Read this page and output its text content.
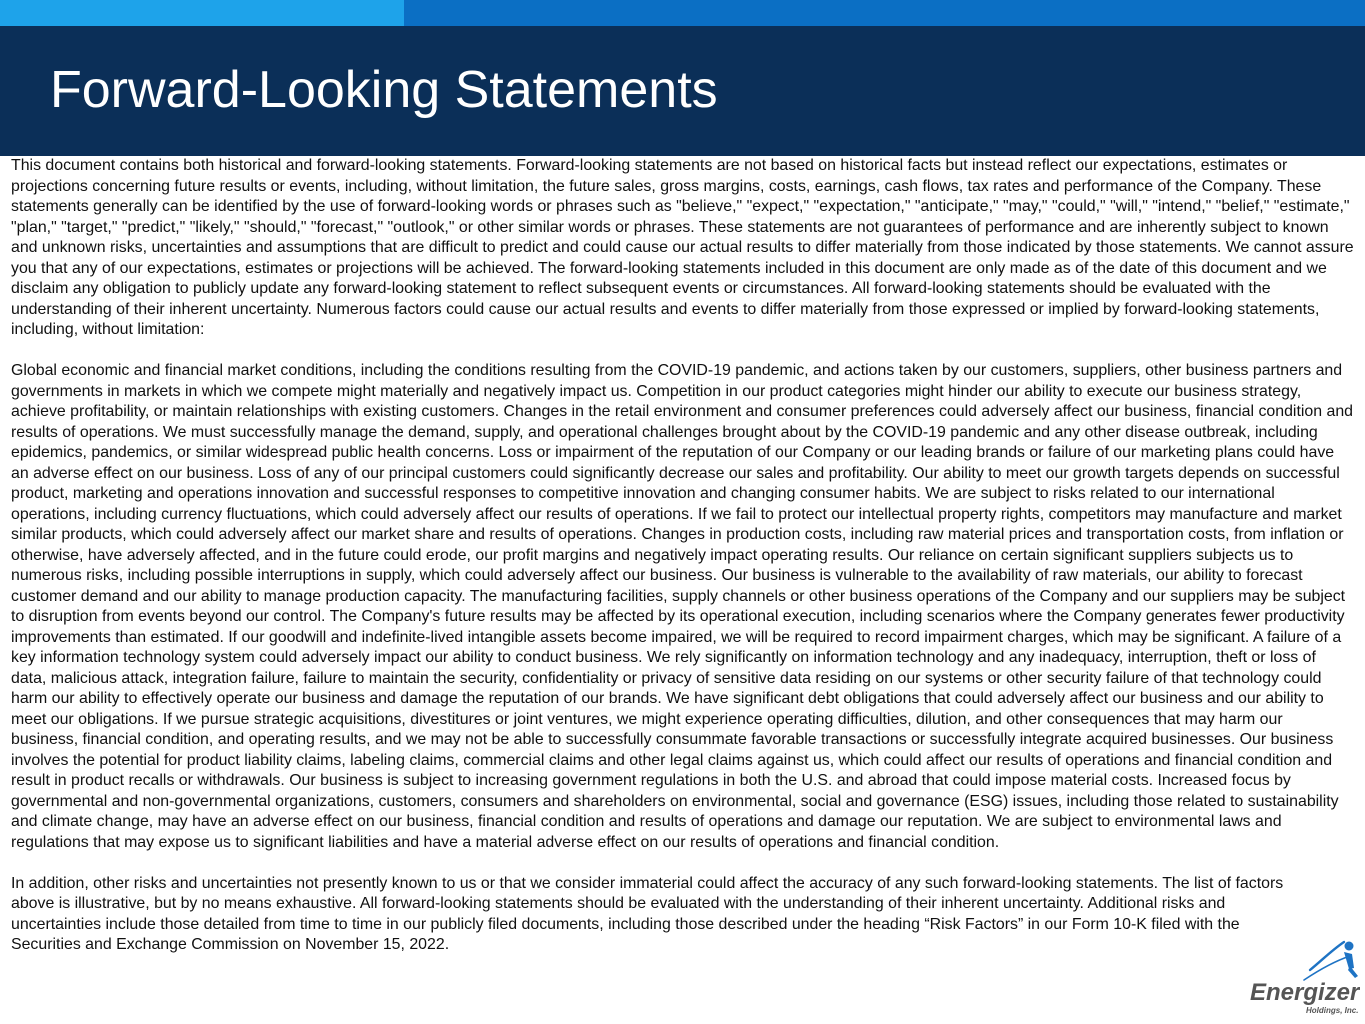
Forward-Looking Statements

This document contains both historical and forward-looking statements. Forward-looking statements are not based on historical facts but instead reflect our expectations, estimates or projections concerning future results or events, including, without limitation, the future sales, gross margins, costs, earnings, cash flows, tax rates and performance of the Company. These statements generally can be identified by the use of forward-looking words or phrases such as "believe," "expect," "expectation," "anticipate," "may," "could," "will," "intend," "belief," "estimate," "plan," "target," "predict," "likely," "should," "forecast," "outlook," or other similar words or phrases. These statements are not guarantees of performance and are inherently subject to known and unknown risks, uncertainties and assumptions that are difficult to predict and could cause our actual results to differ materially from those indicated by those statements. We cannot assure you that any of our expectations, estimates or projections will be achieved. The forward-looking statements included in this document are only made as of the date of this document and we disclaim any obligation to publicly update any forward-looking statement to reflect subsequent events or circumstances. All forward-looking statements should be evaluated with the understanding of their inherent uncertainty. Numerous factors could cause our actual results and events to differ materially from those expressed or implied by forward-looking statements, including, without limitation:

Global economic and financial market conditions, including the conditions resulting from the COVID-19 pandemic, and actions taken by our customers, suppliers, other business partners and governments in markets in which we compete might materially and negatively impact us. Competition in our product categories might hinder our ability to execute our business strategy, achieve profitability, or maintain relationships with existing customers. Changes in the retail environment and consumer preferences could adversely affect our business, financial condition and results of operations. We must successfully manage the demand, supply, and operational challenges brought about by the COVID-19 pandemic and any other disease outbreak, including epidemics, pandemics, or similar widespread public health concerns. Loss or impairment of the reputation of our Company or our leading brands or failure of our marketing plans could have an adverse effect on our business. Loss of any of our principal customers could significantly decrease our sales and profitability. Our ability to meet our growth targets depends on successful product, marketing and operations innovation and successful responses to competitive innovation and changing consumer habits. We are subject to risks related to our international operations, including currency fluctuations, which could adversely affect our results of operations. If we fail to protect our intellectual property rights, competitors may manufacture and market similar products, which could adversely affect our market share and results of operations. Changes in production costs, including raw material prices and transportation costs, from inflation or otherwise, have adversely affected, and in the future could erode, our profit margins and negatively impact operating results. Our reliance on certain significant suppliers subjects us to numerous risks, including possible interruptions in supply, which could adversely affect our business. Our business is vulnerable to the availability of raw materials, our ability to forecast customer demand and our ability to manage production capacity. The manufacturing facilities, supply channels or other business operations of the Company and our suppliers may be subject to disruption from events beyond our control. The Company's future results may be affected by its operational execution, including scenarios where the Company generates fewer productivity improvements than estimated. If our goodwill and indefinite-lived intangible assets become impaired, we will be required to record impairment charges, which may be significant. A failure of a key information technology system could adversely impact our ability to conduct business. We rely significantly on information technology and any inadequacy, interruption, theft or loss of data, malicious attack, integration failure, failure to maintain the security, confidentiality or privacy of sensitive data residing on our systems or other security failure of that technology could harm our ability to effectively operate our business and damage the reputation of our brands. We have significant debt obligations that could adversely affect our business and our ability to meet our obligations. If we pursue strategic acquisitions, divestitures or joint ventures, we might experience operating difficulties, dilution, and other consequences that may harm our business, financial condition, and operating results, and we may not be able to successfully consummate favorable transactions or successfully integrate acquired businesses. Our business involves the potential for product liability claims, labeling claims, commercial claims and other legal claims against us, which could affect our results of operations and financial condition and result in product recalls or withdrawals. Our business is subject to increasing government regulations in both the U.S. and abroad that could impose material costs. Increased focus by governmental and non-governmental organizations, customers, consumers and shareholders on environmental, social and governance (ESG) issues, including those related to sustainability and climate change, may have an adverse effect on our business, financial condition and results of operations and damage our reputation. We are subject to environmental laws and regulations that may expose us to significant liabilities and have a material adverse effect on our results of operations and financial condition.

In addition, other risks and uncertainties not presently known to us or that we consider immaterial could affect the accuracy of any such forward-looking statements. The list of factors above is illustrative, but by no means exhaustive. All forward-looking statements should be evaluated with the understanding of their inherent uncertainty. Additional risks and uncertainties include those detailed from time to time in our publicly filed documents, including those described under the heading “Risk Factors” in our Form 10-K filed with the Securities and Exchange Commission on November 15, 2022.

Energizer
Holdings, Inc.
